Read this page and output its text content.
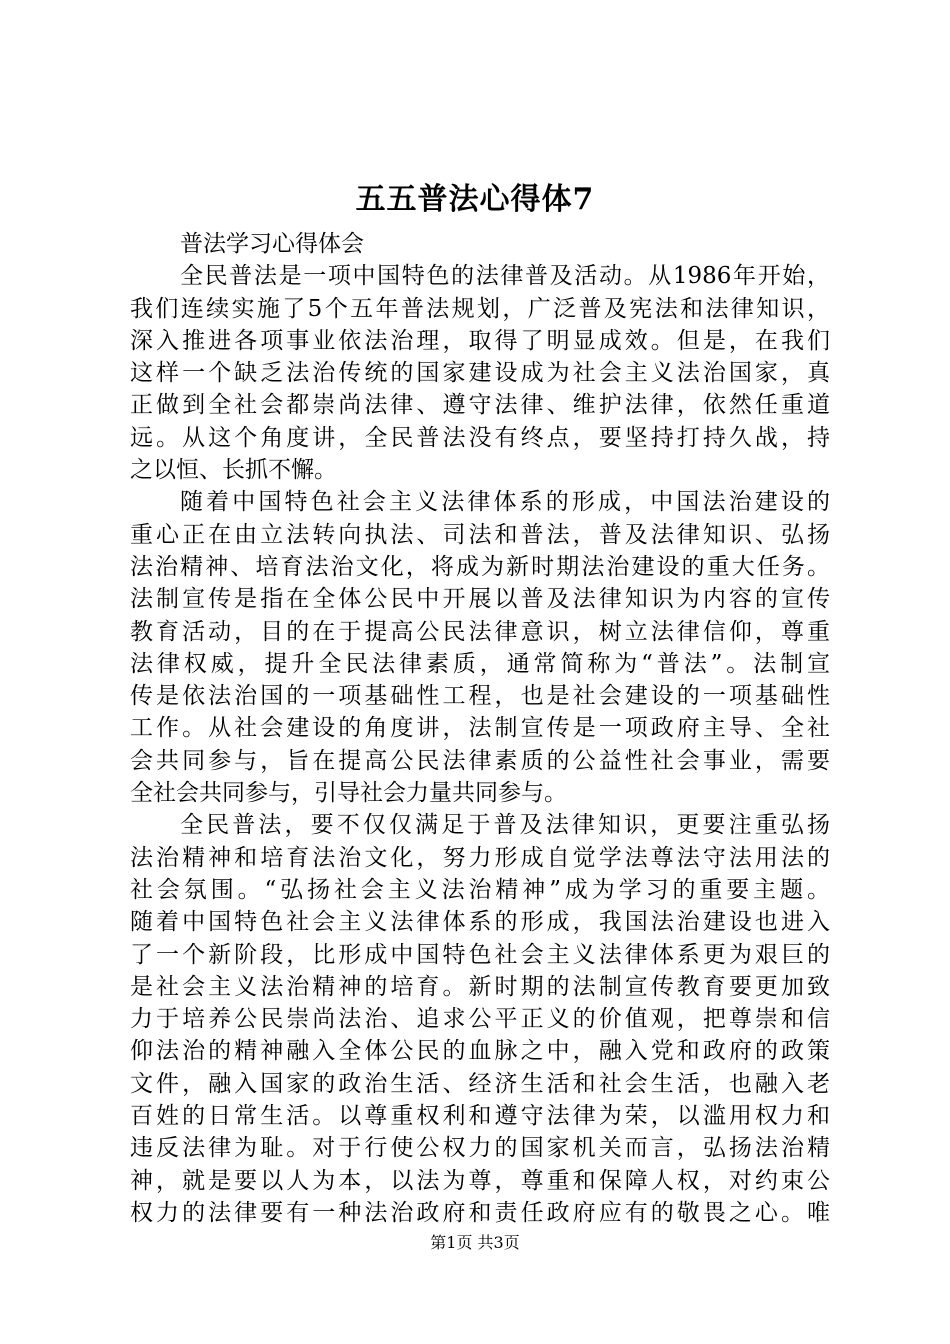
五五普法心得体7
普法学习心得体会
全民普法是一项中国特色的法律普及活动。从1986年开始，
我们连续实施了5个五年普法规划，广泛普及宪法和法律知识，
深入推进各项事业依法治理，取得了明显成效。但是，在我们
这样一个缺乏法治传统的国家建设成为社会主义法治国家，真
正做到全社会都崇尚法律、遵守法律、维护法律，依然任重道
远。从这个角度讲，全民普法没有终点，要坚持打持久战，持
之以恒、长抓不懈。
随着中国特色社会主义法律体系的形成，中国法治建设的
重心正在由立法转向执法、司法和普法，普及法律知识、弘扬
法治精神、培育法治文化，将成为新时期法治建设的重大任务。
法制宣传是指在全体公民中开展以普及法律知识为内容的宣传
教育活动，目的在于提高公民法律意识，树立法律信仰，尊重
法律权威，提升全民法律素质，通常简称为“普法”。法制宣
传是依法治国的一项基础性工程，也是社会建设的一项基础性
工作。从社会建设的角度讲，法制宣传是一项政府主导、全社
会共同参与，旨在提高公民法律素质的公益性社会事业，需要
全社会共同参与，引导社会力量共同参与。
全民普法，要不仅仅满足于普及法律知识，更要注重弘扬
法治精神和培育法治文化，努力形成自觉学法尊法守法用法的
社会氛围。“弘扬社会主义法治精神”成为学习的重要主题。
随着中国特色社会主义法律体系的形成，我国法治建设也进入
了一个新阶段，比形成中国特色社会主义法律体系更为艰巨的
是社会主义法治精神的培育。新时期的法制宣传教育要更加致
力于培养公民崇尚法治、追求公平正义的价值观，把尊崇和信
仰法治的精神融入全体公民的血脉之中，融入党和政府的政策
文件，融入国家的政治生活、经济生活和社会生活，也融入老
百姓的日常生活。以尊重权利和遵守法律为荣，以滥用权力和
违反法律为耻。对于行使公权力的国家机关而言，弘扬法治精
神，就是要以人为本，以法为尊，尊重和保障人权，对约束公
权力的法律要有一种法治政府和责任政府应有的敬畏之心。唯
第1页 共3页
